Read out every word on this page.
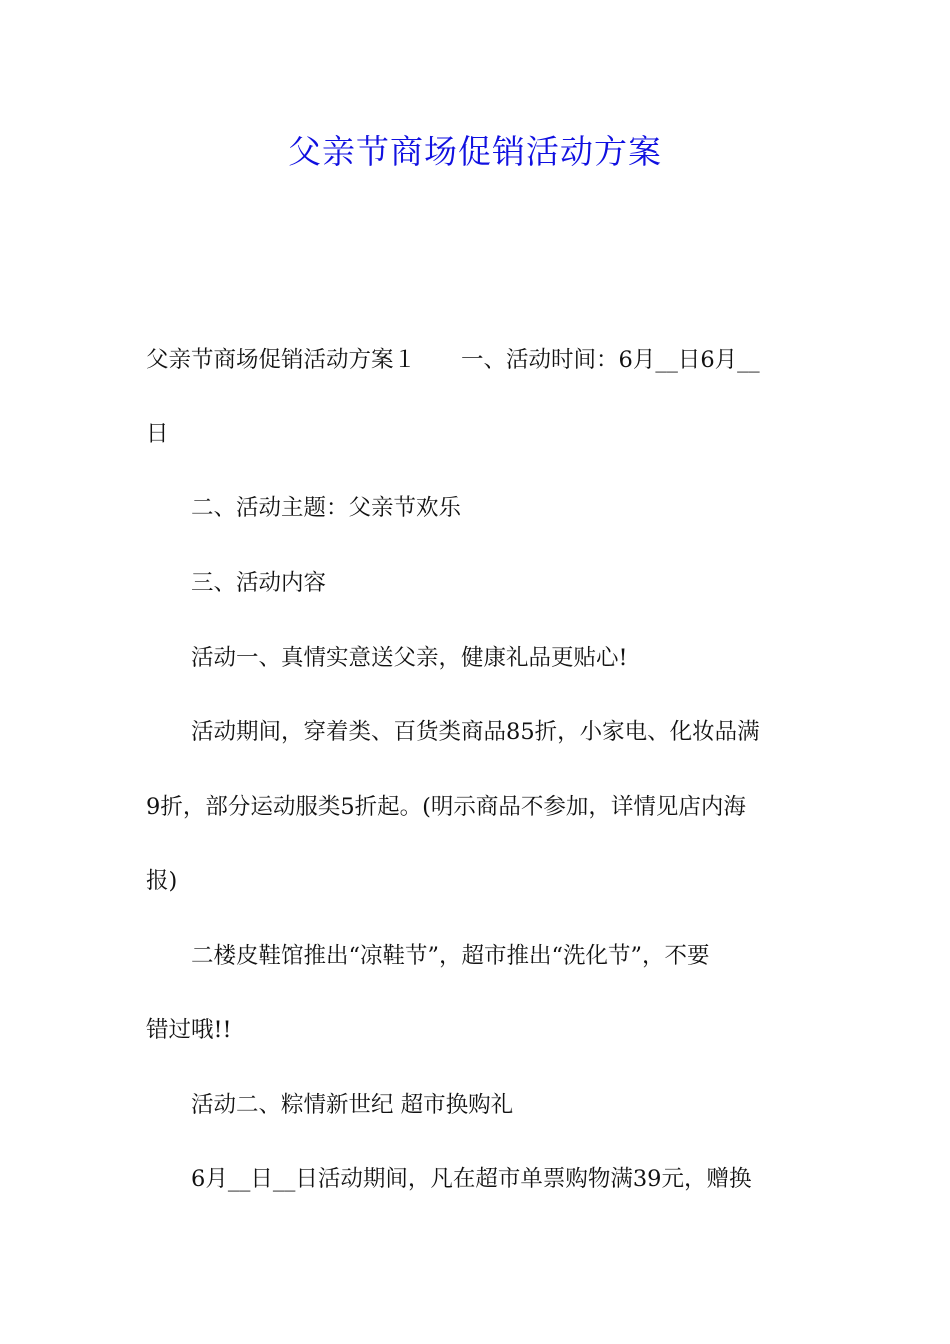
父亲节商场促销活动方案

父亲节商场促销活动方案１　　一、活动时间：6月__日6月__

日

　　二、活动主题：父亲节欢乐

　　三、活动内容

　　活动一、真情实意送父亲，健康礼品更贴心!

　　活动期间，穿着类、百货类商品85折，小家电、化妆品满

9折，部分运动服类5折起。(明示商品不参加，详情见店内海

报)

　　二楼皮鞋馆推出“凉鞋节”，超市推出“洗化节”，不要

错过哦!!

　　活动二、粽情新世纪 超市换购礼

　　6月__日__日活动期间，凡在超市单票购物满39元，赠换
